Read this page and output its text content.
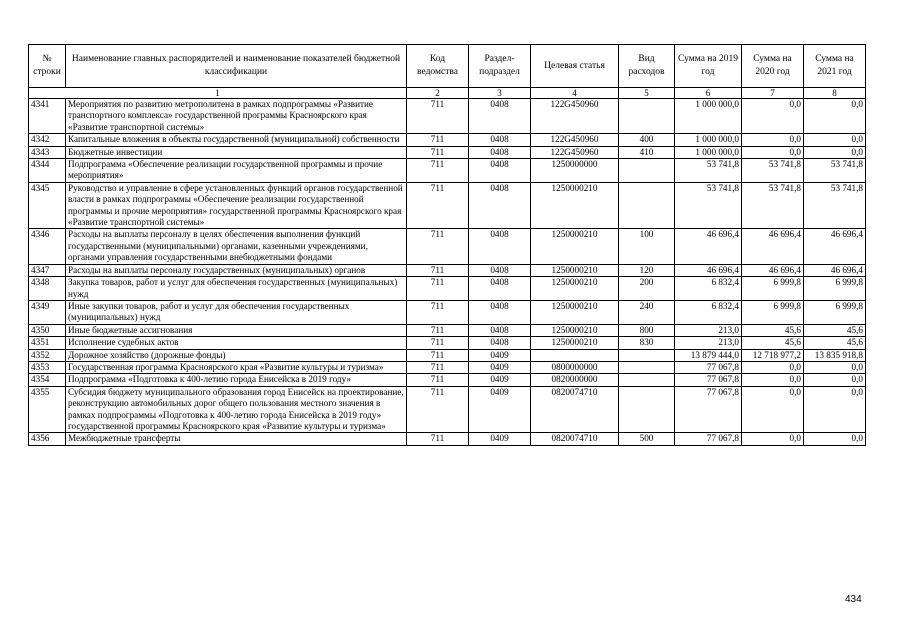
№ строки	Наименование главных распорядителей и наименование показателей бюджетной классификации	Код ведомства	Раздел- подраздел	Целевая статья	Вид расходов	Сумма на 2019 год	Сумма на 2020 год	Сумма на 2021 год
1		2	3	4	5	6	7	8
4341	Мероприятия по развитию метрополитена в рамках подпрограммы «Развитие транспортного комплекса» государственной программы Красноярского края «Развитие транспортной системы»	711	0408	122G450960		1 000 000,0	0,0	0,0
4342	Капитальные вложения в объекты государственной (муниципальной) собственности	711	0408	122G450960	400	1 000 000,0	0,0	0,0
4343	Бюджетные инвестиции	711	0408	122G450960	410	1 000 000,0	0,0	0,0
4344	Подпрограмма «Обеспечение реализации государственной программы и прочие мероприятия»	711	0408	1250000000		53 741,8	53 741,8	53 741,8
4345	Руководство и управление в сфере установленных функций органов государственной власти в рамках подпрограммы «Обеспечение реализации государственной программы и прочие мероприятия» государственной программы Красноярского края «Развитие транспортной системы»	711	0408	1250000210		53 741,8	53 741,8	53 741,8
4346	Расходы на выплаты персоналу в целях обеспечения выполнения функций государственными (муниципальными) органами, казенными учреждениями, органами управления государственными внебюджетными фондами	711	0408	1250000210	100	46 696,4	46 696,4	46 696,4
4347	Расходы на выплаты персоналу государственных (муниципальных) органов	711	0408	1250000210	120	46 696,4	46 696,4	46 696,4
4348	Закупка товаров, работ и услуг для обеспечения государственных (муниципальных) нужд	711	0408	1250000210	200	6 832,4	6 999,8	6 999,8
4349	Иные закупки товаров, работ и услуг для обеспечения государственных (муниципальных) нужд	711	0408	1250000210	240	6 832,4	6 999,8	6 999,8
4350	Иные бюджетные ассигнования	711	0408	1250000210	800	213,0	45,6	45,6
4351	Исполнение судебных актов	711	0408	1250000210	830	213,0	45,6	45,6
4352	Дорожное хозяйство (дорожные фонды)	711	0409			13 879 444,0	12 718 977,2	13 835 918,8
4353	Государственная программа Красноярского края «Развитие культуры и туризма»	711	0409	0800000000		77 067,8	0,0	0,0
4354	Подпрограмма «Подготовка к 400-летию города Енисейска в 2019 году»	711	0409	0820000000		77 067,8	0,0	0,0
4355	Субсидия бюджету муниципального образования город Енисейск на проектирование, реконструкцию автомобильных дорог общего пользования местного значения в рамках подпрограммы «Подготовка к 400-летию города Енисейска в 2019 году» государственной программы Красноярского края «Развитие культуры и туризма»	711	0409	0820074710		77 067,8	0,0	0,0
4356	Межбюджетные трансферты	711	0409	0820074710	500	77 067,8	0,0	0,0
434
